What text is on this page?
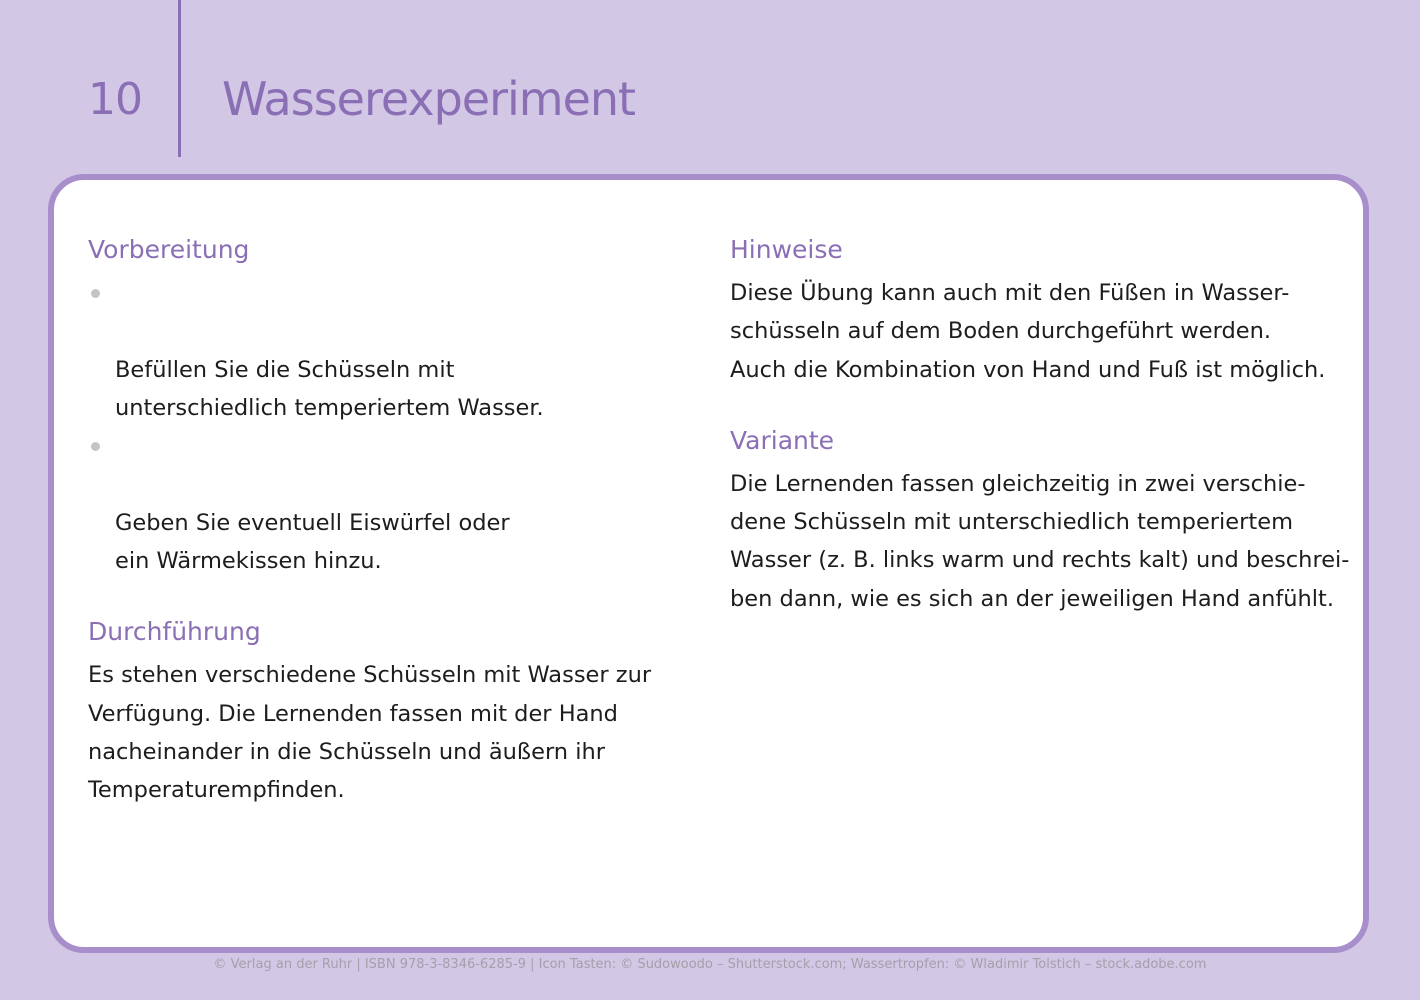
10 Wasserexperiment
Vorbereitung

Befüllen Sie die Schüsseln mit
unterschiedlich temperiertem Wasser.

Geben Sie eventuell Eiswürfel oder
ein Wärmekissen hinzu.

Durchführung

Es stehen verschiedene Schüsseln mit Wasser zur
Verfügung. Die Lernenden fassen mit der Hand
nacheinander in die Schüsseln und äußern ihr
Temperaturempfinden.

Hinweise

Diese Übung kann auch mit den Füßen in Wasser-
schüsseln auf dem Boden durchgeführt werden.
Auch die Kombination von Hand und Fuß ist möglich.

Variante

Die Lernenden fassen gleichzeitig in zwei verschie-
dene Schüsseln mit unterschiedlich temperiertem
Wasser (z. B. links warm und rechts kalt) und beschrei-
ben dann, wie es sich an der jeweiligen Hand anfühlt.

© Verlag an der Ruhr | ISBN 978-3-8346-6285-9 | Icon Tasten: © Sudowoodo – Shutterstock.com; Wassertropfen: © Wladimir Tolstich – stock.adobe.com
